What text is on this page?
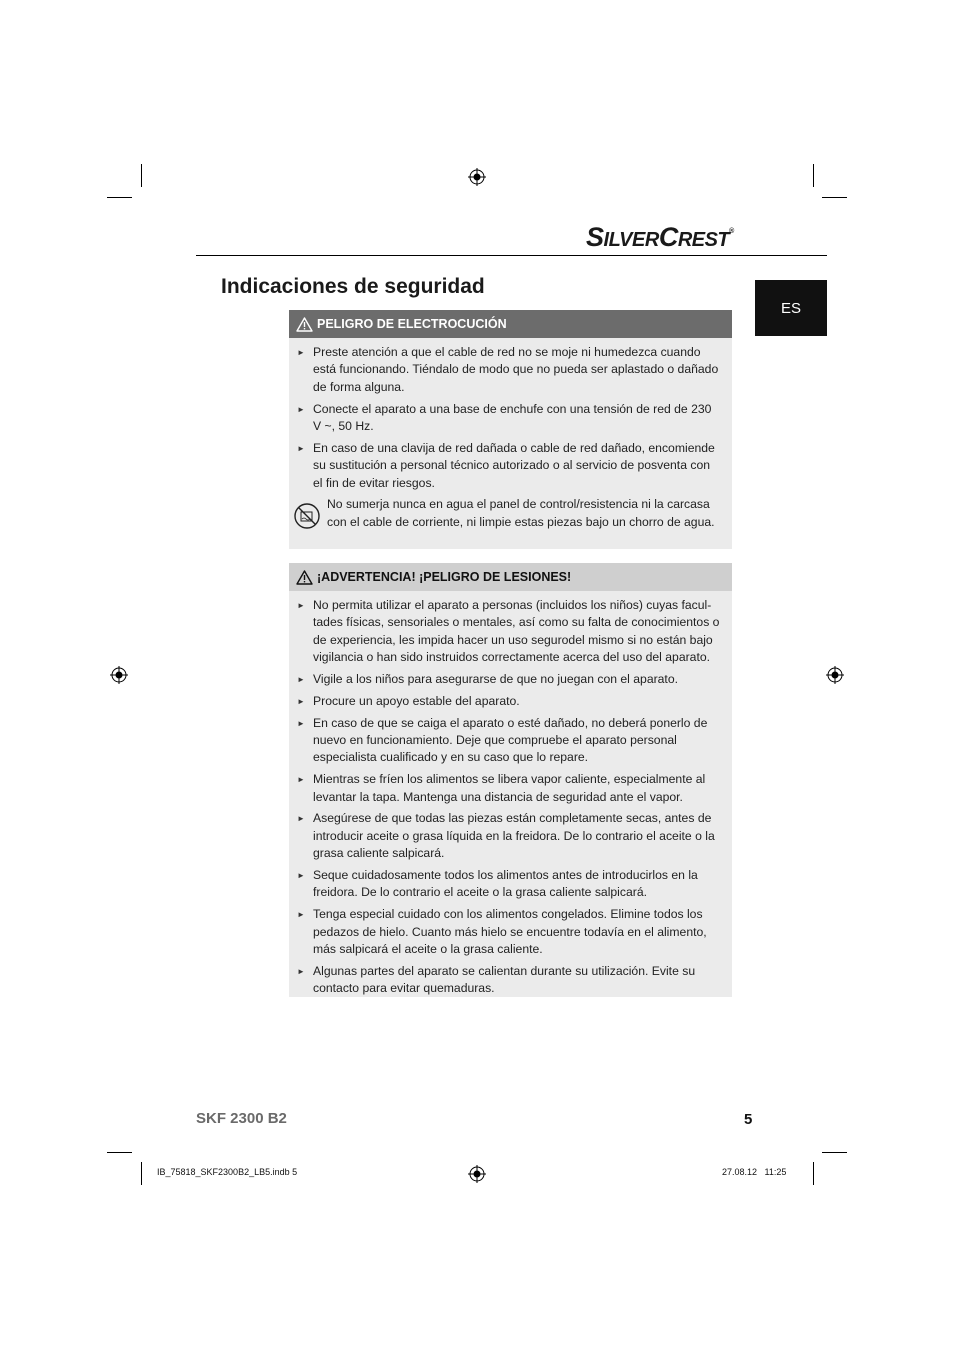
SILVERCREST®
Indicaciones de seguridad
ES
PELIGRO DE ELECTROCUCIÓN
► Preste atención a que el cable de red no se moje ni humedezca cuando está funcionando. Tiéndalo de modo que no pueda ser aplastado o dañado de forma alguna.
► Conecte el aparato a una base de enchufe con una tensión de red de 230 V ~, 50 Hz.
► En caso de una clavija de red dañada o cable de red dañado, encomiende su sustitución a personal técnico autorizado o al servicio de posventa con el fin de evitar riesgos.
No sumerja nunca en agua el panel de control/resistencia ni la carcasa con el cable de corriente, ni limpie estas piezas bajo un chorro de agua.
¡ADVERTENCIA! ¡PELIGRO DE LESIONES!
► No permita utilizar el aparato a personas (incluidos los niños) cuyas facul-tades físicas, sensoriales o mentales, así como su falta de conocimientos o de experiencia, les impida hacer un uso segurodel mismo si no están bajo vigilancia o han sido instruidos correctamente acerca del uso del aparato.
► Vigile a los niños para asegurarse de que no juegan con el aparato.
► Procure un apoyo estable del aparato.
► En caso de que se caiga el aparato o esté dañado, no deberá ponerlo de nuevo en funcionamiento. Deje que compruebe el aparato personal especialista cualificado y en su caso que lo repare.
► Mientras se fríen los alimentos se libera vapor caliente, especialmente al levantar la tapa. Mantenga una distancia de seguridad ante el vapor.
► Asegúrese de que todas las piezas están completamente secas, antes de introducir aceite o grasa líquida en la freidora. De lo contrario el aceite o la grasa caliente salpicará.
► Seque cuidadosamente todos los alimentos antes de introducirlos en la freidora. De lo contrario el aceite o la grasa caliente salpicará.
► Tenga especial cuidado con los alimentos congelados. Elimine todos los pedazos de hielo. Cuanto más hielo se encuentre todavía en el alimento, más salpicará el aceite o la grasa caliente.
► Algunas partes del aparato se calientan durante su utilización. Evite su contacto para evitar quemaduras.
SKF 2300 B2	5
IB_75818_SKF2300B2_LB5.indb 5	27.08.12   11:25
